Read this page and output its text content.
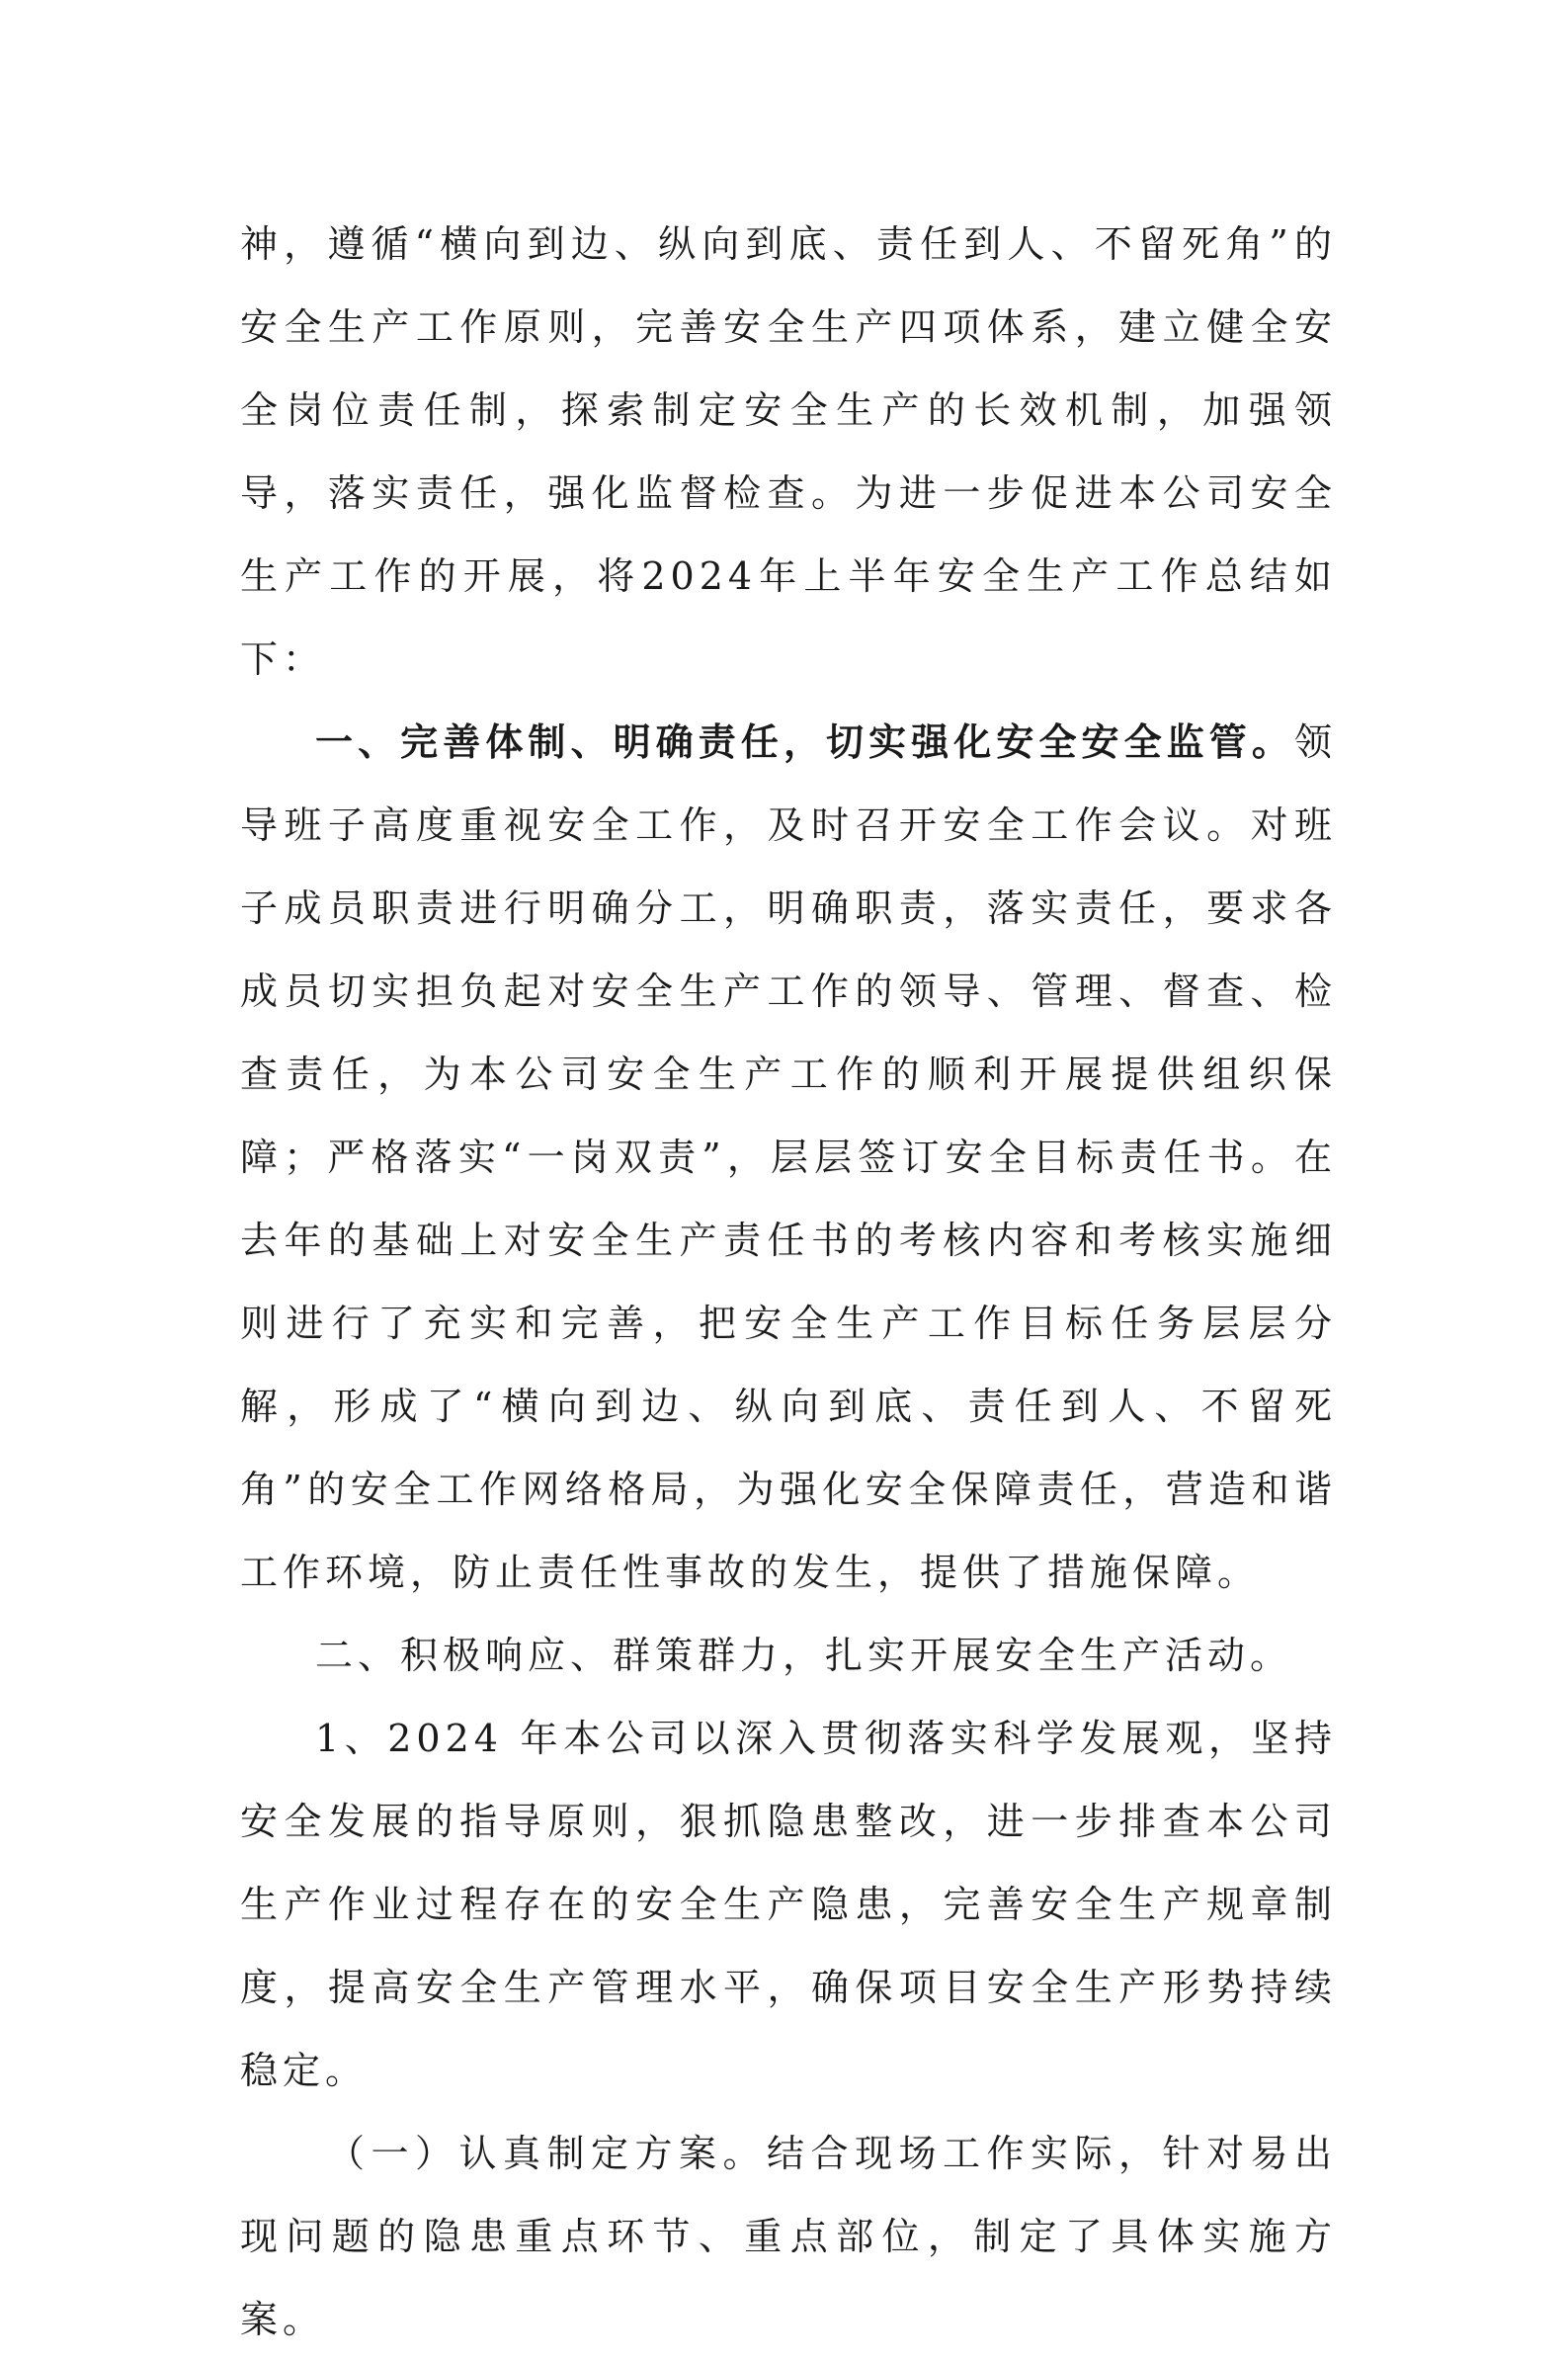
神，遵循“横向到边、纵向到底、责任到人、不留死角”的安全生产工作原则，完善安全生产四项体系，建立健全安全岗位责任制，探索制定安全生产的长效机制，加强领导，落实责任，强化监督检查。为进一步促进本公司安全生产工作的开展，将2024年上半年安全生产工作总结如下：

一、完善体制、明确责任，切实强化安全安全监管。领导班子高度重视安全工作，及时召开安全工作会议。对班子成员职责进行明确分工，明确职责，落实责任，要求各成员切实担负起对安全生产工作的领导、管理、督查、检查责任，为本公司安全生产工作的顺利开展提供组织保障；严格落实“一岗双责”，层层签订安全目标责任书。在去年的基础上对安全生产责任书的考核内容和考核实施细则进行了充实和完善，把安全生产工作目标任务层层分解，形成了“横向到边、纵向到底、责任到人、不留死角”的安全工作网络格局，为强化安全保障责任，营造和谐工作环境，防止责任性事故的发生，提供了措施保障。

二、积极响应、群策群力，扎实开展安全生产活动。

1、2024 年本公司以深入贯彻落实科学发展观，坚持安全发展的指导原则，狠抓隐患整改，进一步排查本公司生产作业过程存在的安全生产隐患，完善安全生产规章制度，提高安全生产管理水平，确保项目安全生产形势持续稳定。

（一）认真制定方案。结合现场工作实际，针对易出现问题的隐患重点环节、重点部位，制定了具体实施方案。
